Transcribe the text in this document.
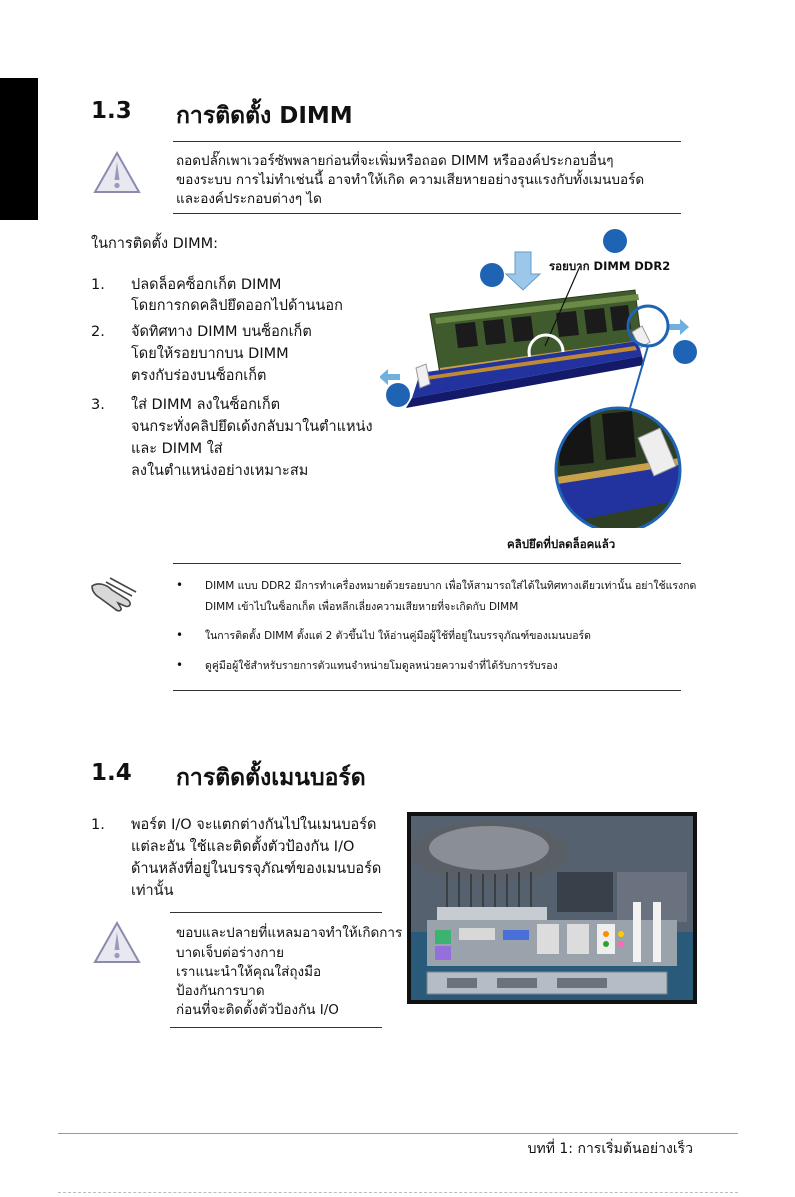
1.3 การติดตั้ง DIMM
ถอดปลั๊กเพาเวอร์ซัพพลายก่อนที่จะเพิ่มหรือถอด DIMM หรือองค์ประกอบอื่นๆ
ของระบบ การไม่ทำเช่นนี้ อาจทำให้เกิด ความเสียหายอย่างรุนแรงกับทั้งเมนบอร์ด
และองค์ประกอบต่างๆ ได
ในการติดตั้ง DIMM:
1. ปลดล็อคซ็อกเก็ต DIMM
โดยการกดคลิปยึดออกไปด้านนอก
2. จัดทิศทาง DIMM บนซ็อกเก็ต
โดยให้รอยบากบน DIMM
ตรงกับร่องบนซ็อกเก็ต
3. ใส่ DIMM ลงในซ็อกเก็ต
จนกระทั่งคลิปยึดเด้งกลับมาในตำแหน่ง
และ DIMM ใส่
ลงในตำแหน่งอย่างเหมาะสม
รอยบาก DIMM DDR2
คลิปยึดที่ปลดล็อคแล้ว
• DIMM แบบ DDR2 มีการทำเครื่องหมายด้วยรอยบาก เพื่อให้สามารถใส่ได้ในทิศทางเดียวเท่านั้น อย่าใช้แรงกด
DIMM เข้าไปในซ็อกเก็ต เพื่อหลีกเลี่ยงความเสียหายที่จะเกิดกับ DIMM
• ในการติดตั้ง DIMM ตั้งแต่ 2 ตัวขึ้นไป ให้อ่านคู่มือผู้ใช้ที่อยู่ในบรรจุภัณฑ์ของเมนบอร์ด
• ดูคู่มือผู้ใช้สำหรับรายการตัวแทนจำหน่ายโมดูลหน่วยความจำที่ได้รับการรับรอง
1.4 การติดตั้งเมนบอร์ด
1. พอร์ต I/O จะแตกต่างกันไปในเมนบอร์ด
แต่ละอัน ใช้และติดตั้งตัวป้องกัน I/O
ด้านหลังที่อยู่ในบรรจุภัณฑ์ของเมนบอร์ด
เท่านั้น
ขอบและปลายที่แหลมอาจทำให้เกิดการ
บาดเจ็บต่อร่างกาย
เราแนะนำให้คุณใส่ถุงมือ
ป้องกันการบาด
ก่อนที่จะติดตั้งตัวป้องกัน I/O
บทที่ 1: การเริ่มต้นอย่างเร็ว
